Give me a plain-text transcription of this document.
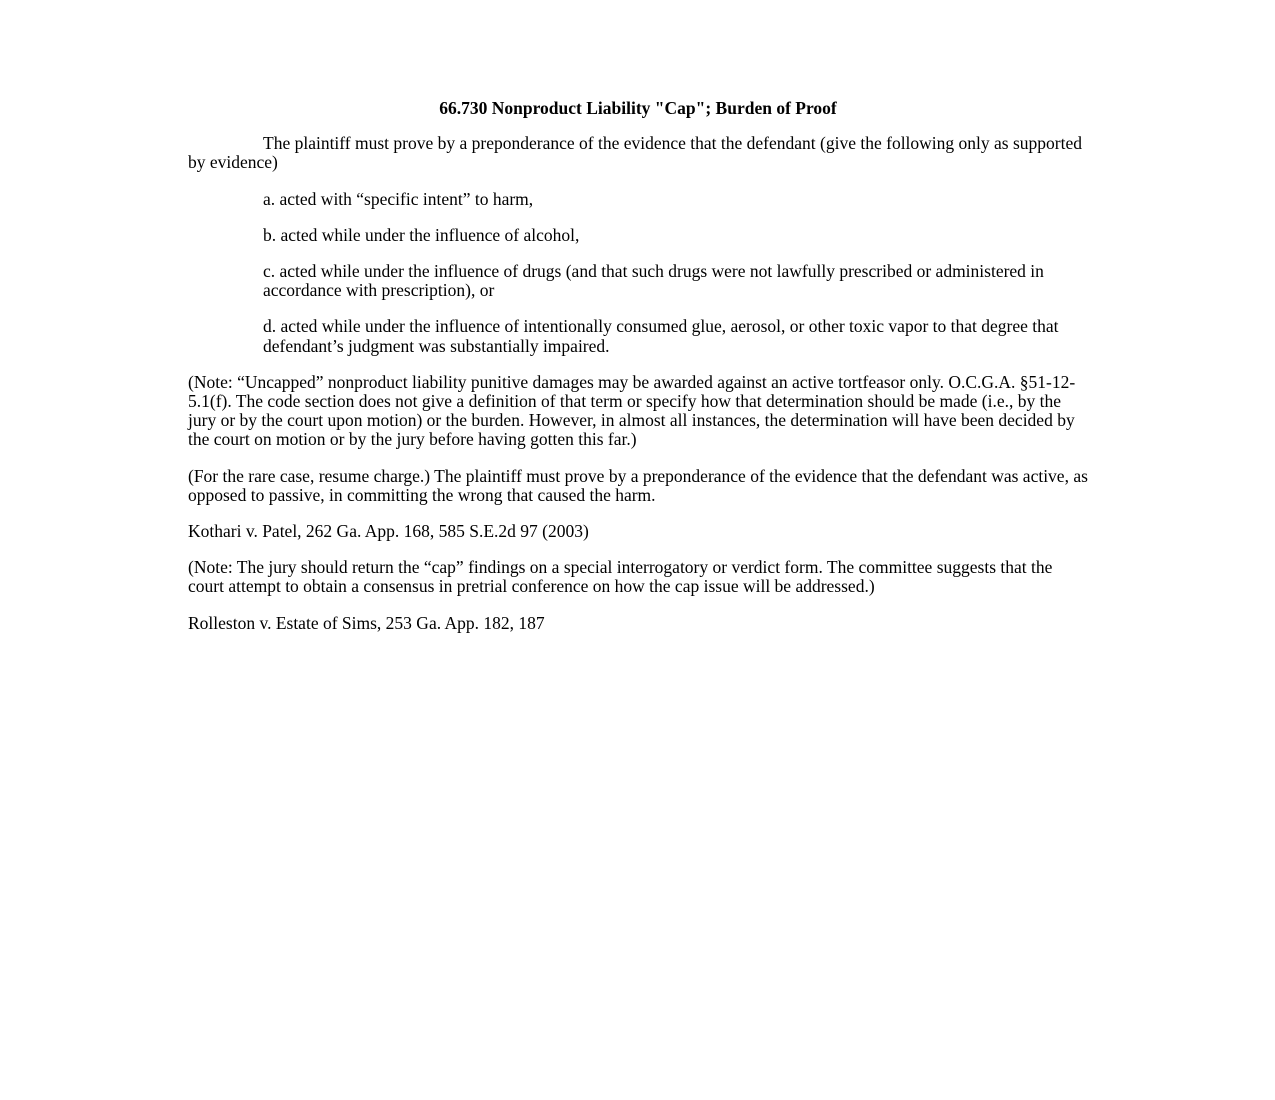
66.730 Nonproduct Liability "Cap"; Burden of Proof

The plaintiff must prove by a preponderance of the evidence that the defendant (give the following only as supported by evidence)

a. acted with “specific intent” to harm,

b. acted while under the influence of alcohol,

c. acted while under the influence of drugs (and that such drugs were not lawfully prescribed or administered in accordance with prescription), or

d. acted while under the influence of intentionally consumed glue, aerosol, or other toxic vapor to that degree that defendant’s judgment was substantially impaired.

(Note: “Uncapped” nonproduct liability punitive damages may be awarded against an active tortfeasor only. O.C.G.A. §51-12-5.1(f). The code section does not give a definition of that term or specify how that determination should be made (i.e., by the jury or by the court upon motion) or the burden. However, in almost all instances, the determination will have been decided by the court on motion or by the jury before having gotten this far.)

(For the rare case, resume charge.) The plaintiff must prove by a preponderance of the evidence that the defendant was active, as opposed to passive, in committing the wrong that caused the harm.

Kothari v. Patel, 262 Ga. App. 168, 585 S.E.2d 97 (2003)

(Note: The jury should return the “cap” findings on a special interrogatory or verdict form. The committee suggests that the court attempt to obtain a consensus in pretrial conference on how the cap issue will be addressed.)

Rolleston v. Estate of Sims, 253 Ga. App. 182, 187
